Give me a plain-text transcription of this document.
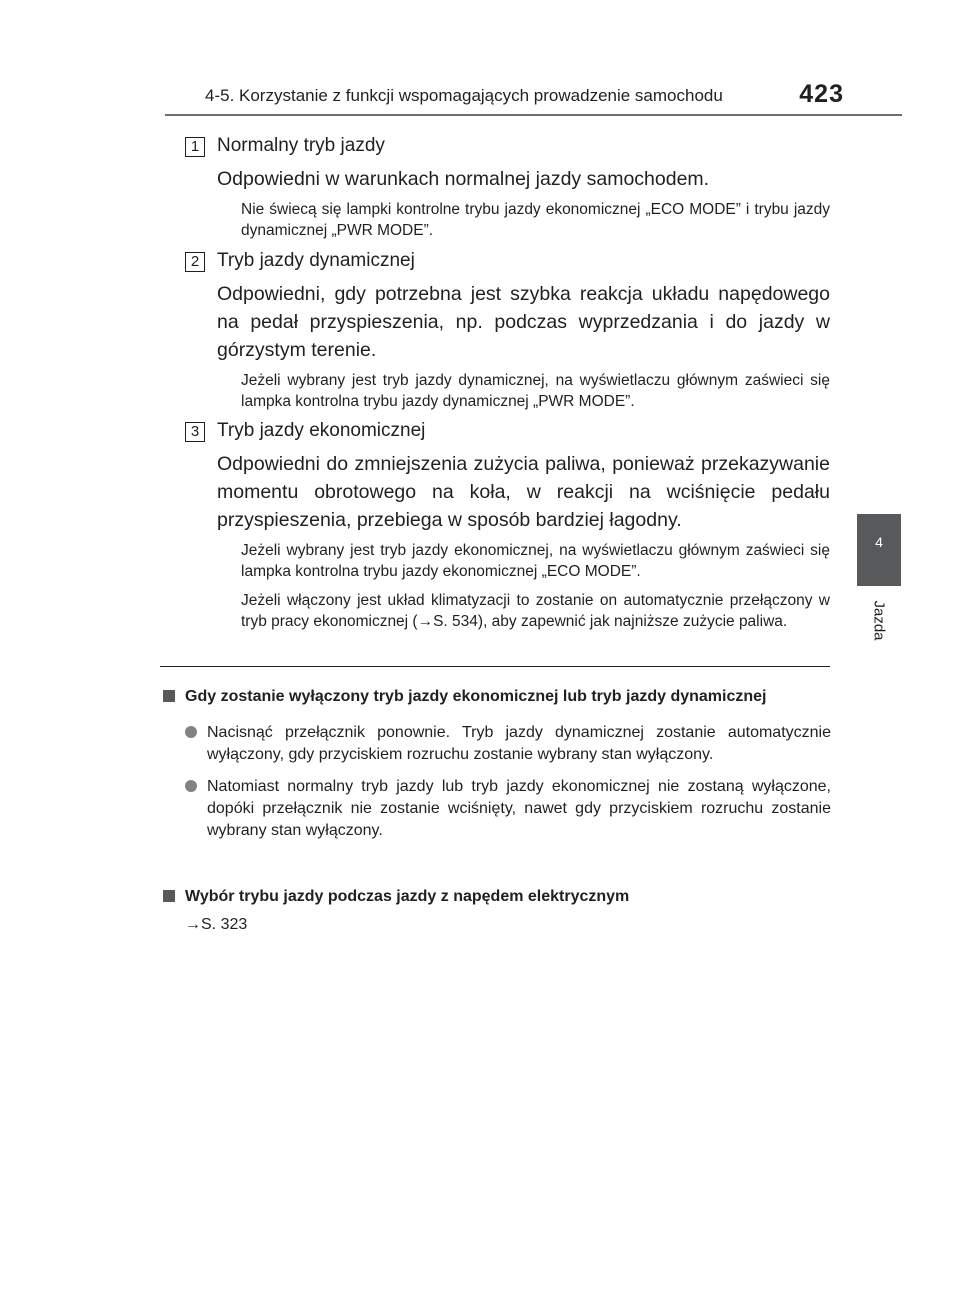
4-5. Korzystanie z funkcji wspomagających prowadzenie samochodu	423
4
Jazda
1 Normalny tryb jazdy
Odpowiedni w warunkach normalnej jazdy samochodem.
Nie świecą się lampki kontrolne trybu jazdy ekonomicznej „ECO MODE” i trybu jazdy dynamicznej „PWR MODE”.
2 Tryb jazdy dynamicznej
Odpowiedni, gdy potrzebna jest szybka reakcja układu napędowego na pedał przyspieszenia, np. podczas wyprzedzania i do jazdy w górzystym terenie.
Jeżeli wybrany jest tryb jazdy dynamicznej, na wyświetlaczu głównym zaświeci się lampka kontrolna trybu jazdy dynamicznej „PWR MODE”.
3 Tryb jazdy ekonomicznej
Odpowiedni do zmniejszenia zużycia paliwa, ponieważ przekazywanie momentu obrotowego na koła, w reakcji na wciśnięcie pedału przyspieszenia, przebiega w sposób bardziej łagodny.
Jeżeli wybrany jest tryb jazdy ekonomicznej, na wyświetlaczu głównym zaświeci się lampka kontrolna trybu jazdy ekonomicznej „ECO MODE”.
Jeżeli włączony jest układ klimatyzacji to zostanie on automatycznie przełączony w tryb pracy ekonomicznej (→S. 534), aby zapewnić jak najniższe zużycie paliwa.
Gdy zostanie wyłączony tryb jazdy ekonomicznej lub tryb jazdy dynamicznej
Nacisnąć przełącznik ponownie. Tryb jazdy dynamicznej zostanie automatycznie wyłączony, gdy przyciskiem rozruchu zostanie wybrany stan wyłączony.
Natomiast normalny tryb jazdy lub tryb jazdy ekonomicznej nie zostaną wyłączone, dopóki przełącznik nie zostanie wciśnięty, nawet gdy przyciskiem rozruchu zostanie wybrany stan wyłączony.
Wybór trybu jazdy podczas jazdy z napędem elektrycznym
→S. 323
